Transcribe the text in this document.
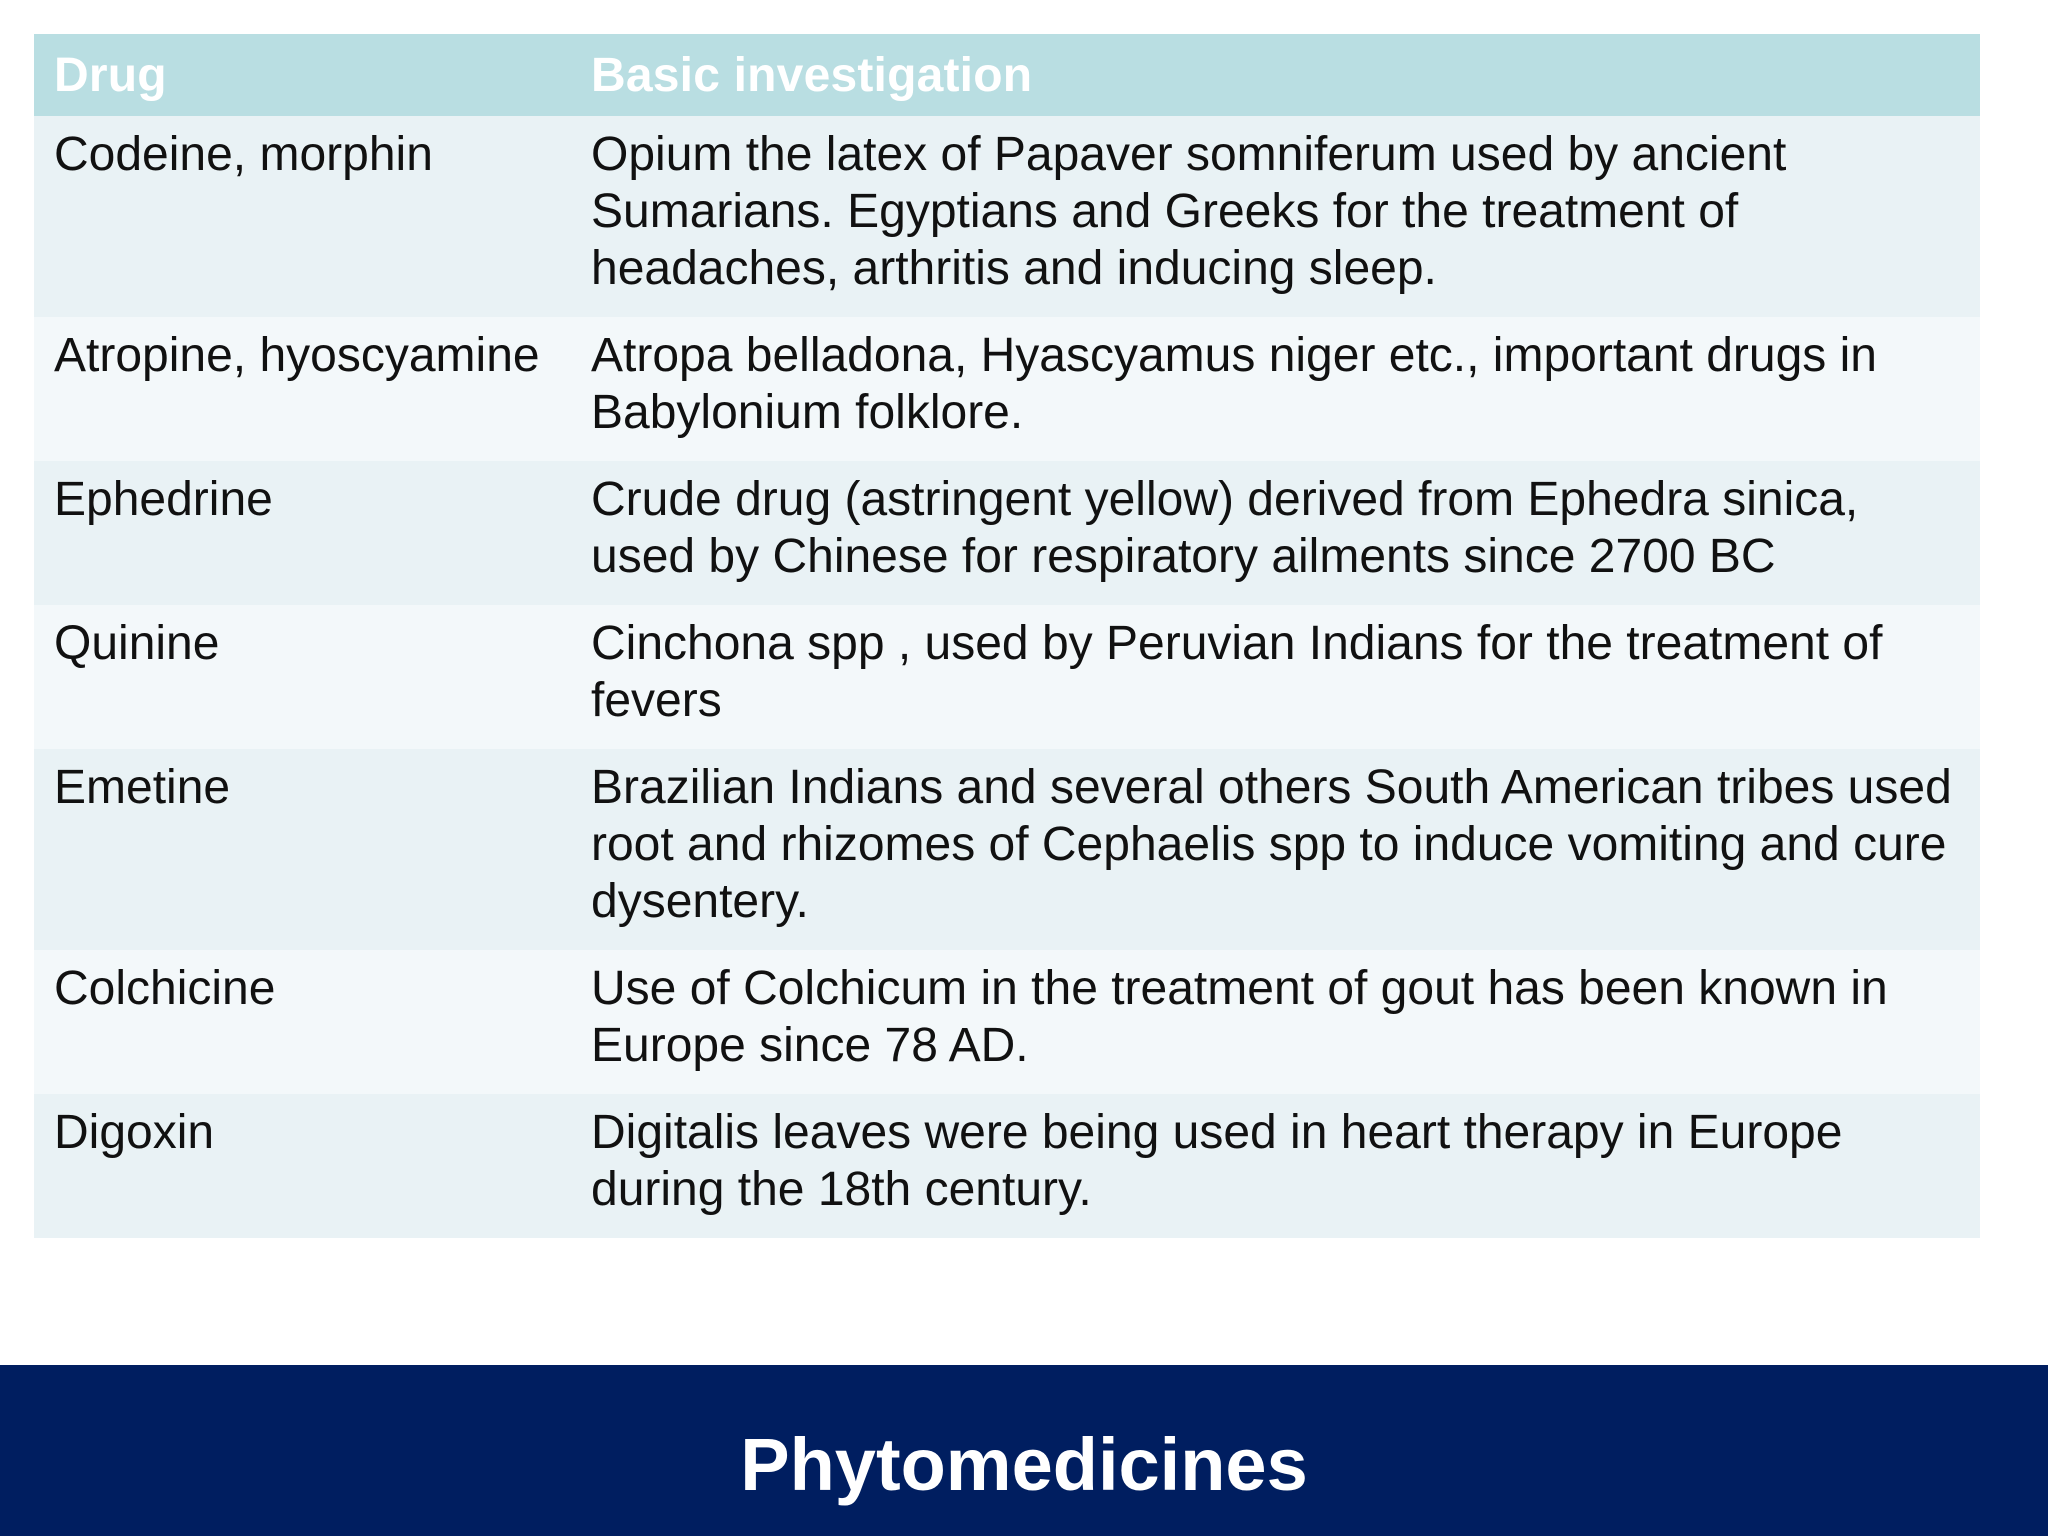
Drug	Basic investigation
Codeine, morphin	Opium the latex of Papaver somniferum used by ancient Sumarians. Egyptians and Greeks for the treatment of headaches, arthritis and inducing sleep.
Atropine, hyoscyamine	Atropa belladona, Hyascyamus niger etc., important drugs in Babylonium folklore.
Ephedrine	Crude drug (astringent yellow) derived from Ephedra sinica, used by Chinese for respiratory ailments since 2700 BC
Quinine	Cinchona spp , used by Peruvian Indians for the treatment of fevers
Emetine	Brazilian Indians and several others South American tribes used root and rhizomes of Cephaelis spp to induce vomiting and cure dysentery.
Colchicine	Use of Colchicum in the treatment of gout has been known in Europe since 78 AD.
Digoxin	Digitalis leaves were being used in heart therapy in Europe during the 18th century.
Phytomedicines
